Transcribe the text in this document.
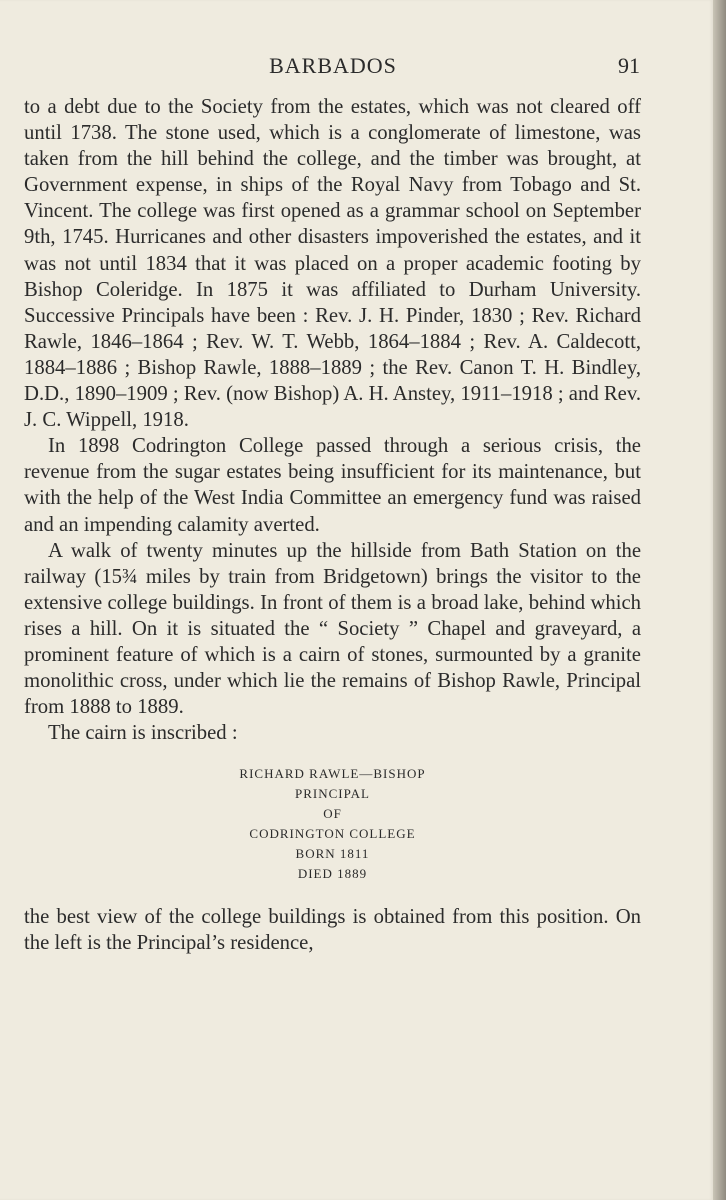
BARBADOS	91

to a debt due to the Society from the estates, which was not cleared off until 1738. The stone used, which is a conglomerate of limestone, was taken from the hill behind the college, and the timber was brought, at Government expense, in ships of the Royal Navy from Tobago and St. Vincent. The college was first opened as a grammar school on September 9th, 1745. Hurricanes and other disasters impoverished the estates, and it was not until 1834 that it was placed on a proper academic footing by Bishop Coleridge. In 1875 it was affiliated to Durham University. Successive Principals have been : Rev. J. H. Pinder, 1830 ; Rev. Richard Rawle, 1846–1864 ; Rev. W. T. Webb, 1864–1884 ; Rev. A. Caldecott, 1884–1886 ; Bishop Rawle, 1888–1889 ; the Rev. Canon T. H. Bindley, D.D., 1890–1909 ; Rev. (now Bishop) A. H. Anstey, 1911–1918 ; and Rev. J. C. Wippell, 1918.

In 1898 Codrington College passed through a serious crisis, the revenue from the sugar estates being insufficient for its maintenance, but with the help of the West India Committee an emergency fund was raised and an impending calamity averted.

A walk of twenty minutes up the hillside from Bath Station on the railway (15¾ miles by train from Bridgetown) brings the visitor to the extensive college buildings. In front of them is a broad lake, behind which rises a hill. On it is situated the “ Society ” Chapel and graveyard, a prominent feature of which is a cairn of stones, surmounted by a granite monolithic cross, under which lie the remains of Bishop Rawle, Principal from 1888 to 1889.

The cairn is inscribed :

RICHARD RAWLE—BISHOP
PRINCIPAL
OF
CODRINGTON COLLEGE
BORN 1811
DIED 1889

the best view of the college buildings is obtained from this position. On the left is the Principal’s residence,
